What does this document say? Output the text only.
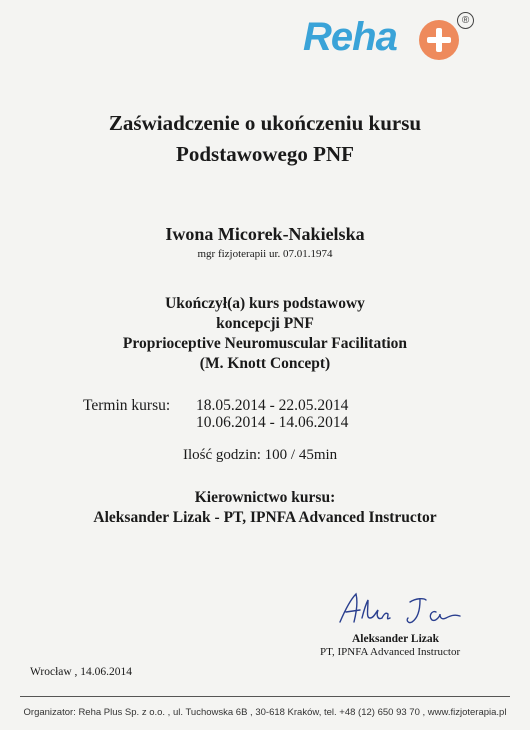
Reha	®
Zaświadczenie o ukończeniu kursu
Podstawowego PNF
Iwona Micorek-Nakielska
mgr fizjoterapii ur. 07.01.1974
Ukończył(a) kurs podstawowy
koncepcji PNF
Proprioceptive Neuromuscular Facilitation
(M. Knott Concept)
Termin kursu: 18.05.2014 - 22.05.2014
10.06.2014 - 14.06.2014
Ilość godzin: 100 / 45min
Kierownictwo kursu:
Aleksander Lizak - PT, IPNFA Advanced Instructor
Aleksander Lizak
PT, IPNFA Advanced Instructor
Wrocław , 14.06.2014
Organizator: Reha Plus Sp. z o.o. , ul. Tuchowska 6B , 30-618 Kraków, tel. +48 (12) 650 93 70 , www.fizjoterapia.pl
